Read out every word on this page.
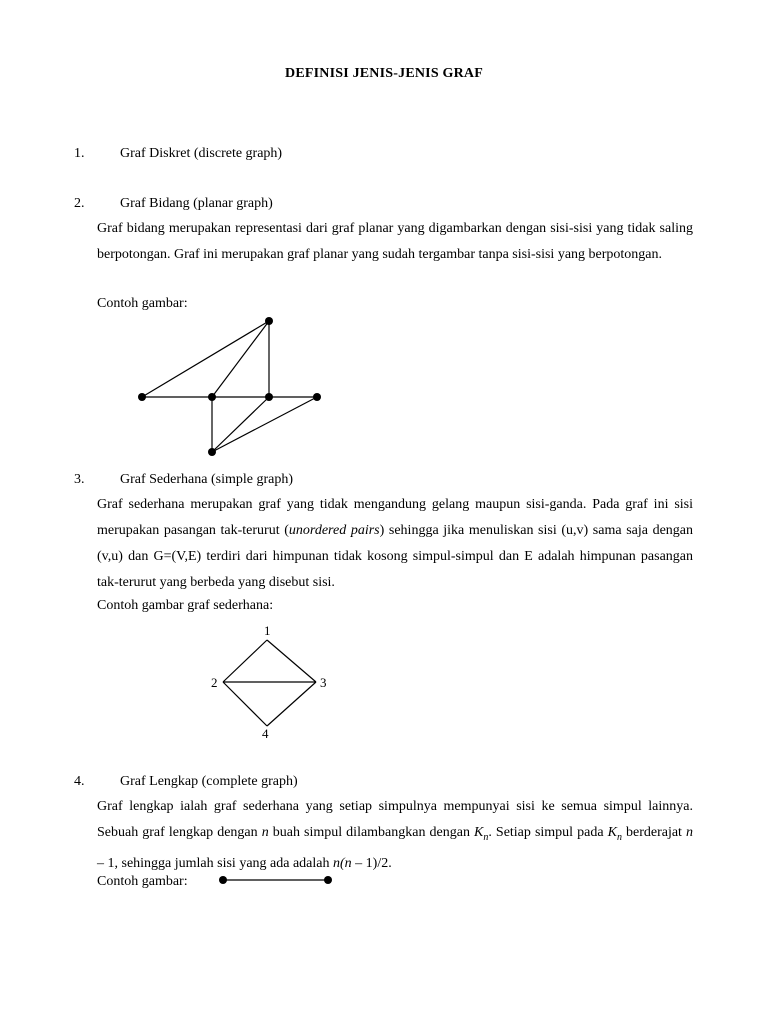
DEFINISI JENIS-JENIS GRAF
1.	Graf Diskret (discrete graph)
2.	Graf Bidang (planar graph)
Graf bidang merupakan representasi dari graf planar yang digambarkan dengan sisi-sisi yang tidak saling berpotongan. Graf ini merupakan graf planar yang sudah tergambar tanpa sisi-sisi yang berpotongan.
Contoh gambar:
3.	Graf Sederhana (simple graph)
Graf sederhana merupakan graf yang tidak mengandung gelang maupun sisi-ganda. Pada graf ini sisi merupakan pasangan tak-terurut (unordered pairs) sehingga jika menuliskan sisi (u,v) sama saja dengan (v,u) dan G=(V,E) terdiri dari himpunan tidak kosong simpul-simpul dan E adalah himpunan pasangan tak-terurut yang berbeda yang disebut sisi.
Contoh gambar graf sederhana:
1
2	3
4
4.	Graf Lengkap (complete graph)
Graf lengkap ialah graf sederhana yang setiap simpulnya mempunyai sisi ke semua simpul lainnya. Sebuah graf lengkap dengan n buah simpul dilambangkan dengan $K_n$. Setiap simpul pada $K_n$ berderajat n – 1, sehingga jumlah sisi yang ada adalah n(n – 1)/2.
Contoh gambar:
